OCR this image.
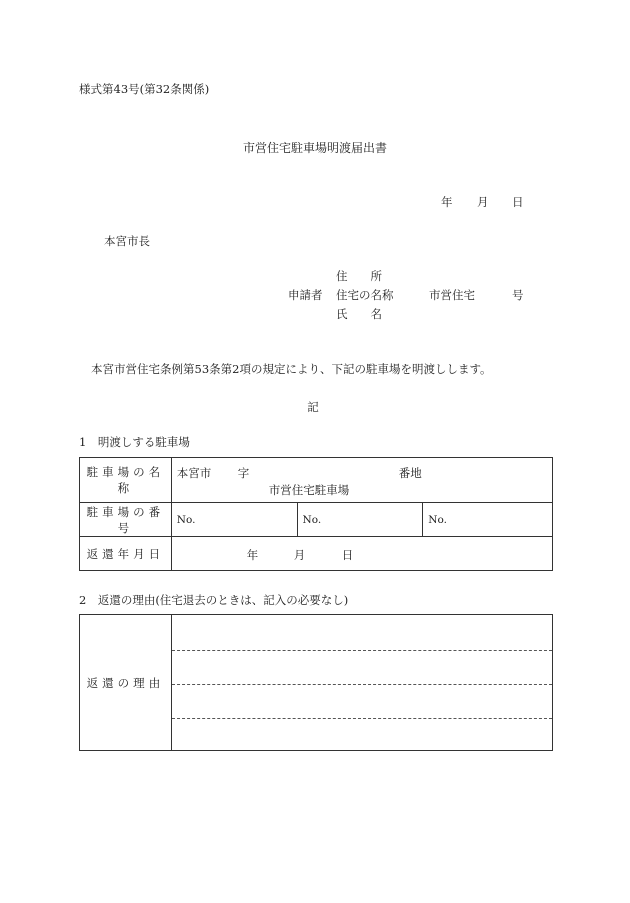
様式第43号(第32条関係)
市営住宅駐車場明渡届出書
年 月 日
本宮市長
住　　所
申請者 住宅の名称	市営住宅	号
氏　　名
本宮市営住宅条例第53条第2項の規定により、下記の駐車場を明渡しします。
記
1　明渡しする駐車場
駐車場の名称	本宮市 字 番地
市営住宅駐車場		

駐車場の番号	No.	No.	No.
返還年月日	年 月 日		
2　返還の理由(住宅退去のときは、記入の必要なし)
返還の理由	
